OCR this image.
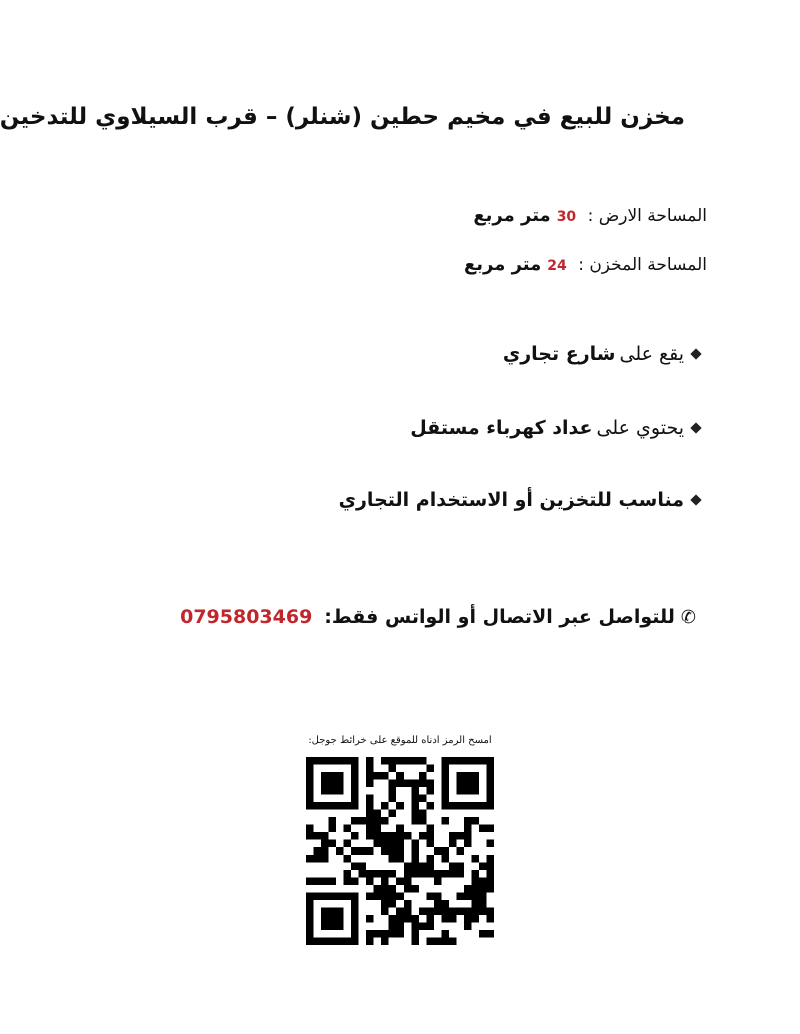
مخزن للبيع في مخيم حطين (شنلر) – قرب السيلاوي للتدخين
المساحة الارض : 30متر مربع
المساحة المخزن : 24متر مربع
يقع على
شارع تجاري
يحتوي على
عداد كهرباء مستقل
مناسب للتخزين أو الاستخدام التجاري
✆
للتواصل عبر الاتصال أو الواتس فقط:
0795803469
امسح الرمز ادناه للموقع على خرائط جوجل:
